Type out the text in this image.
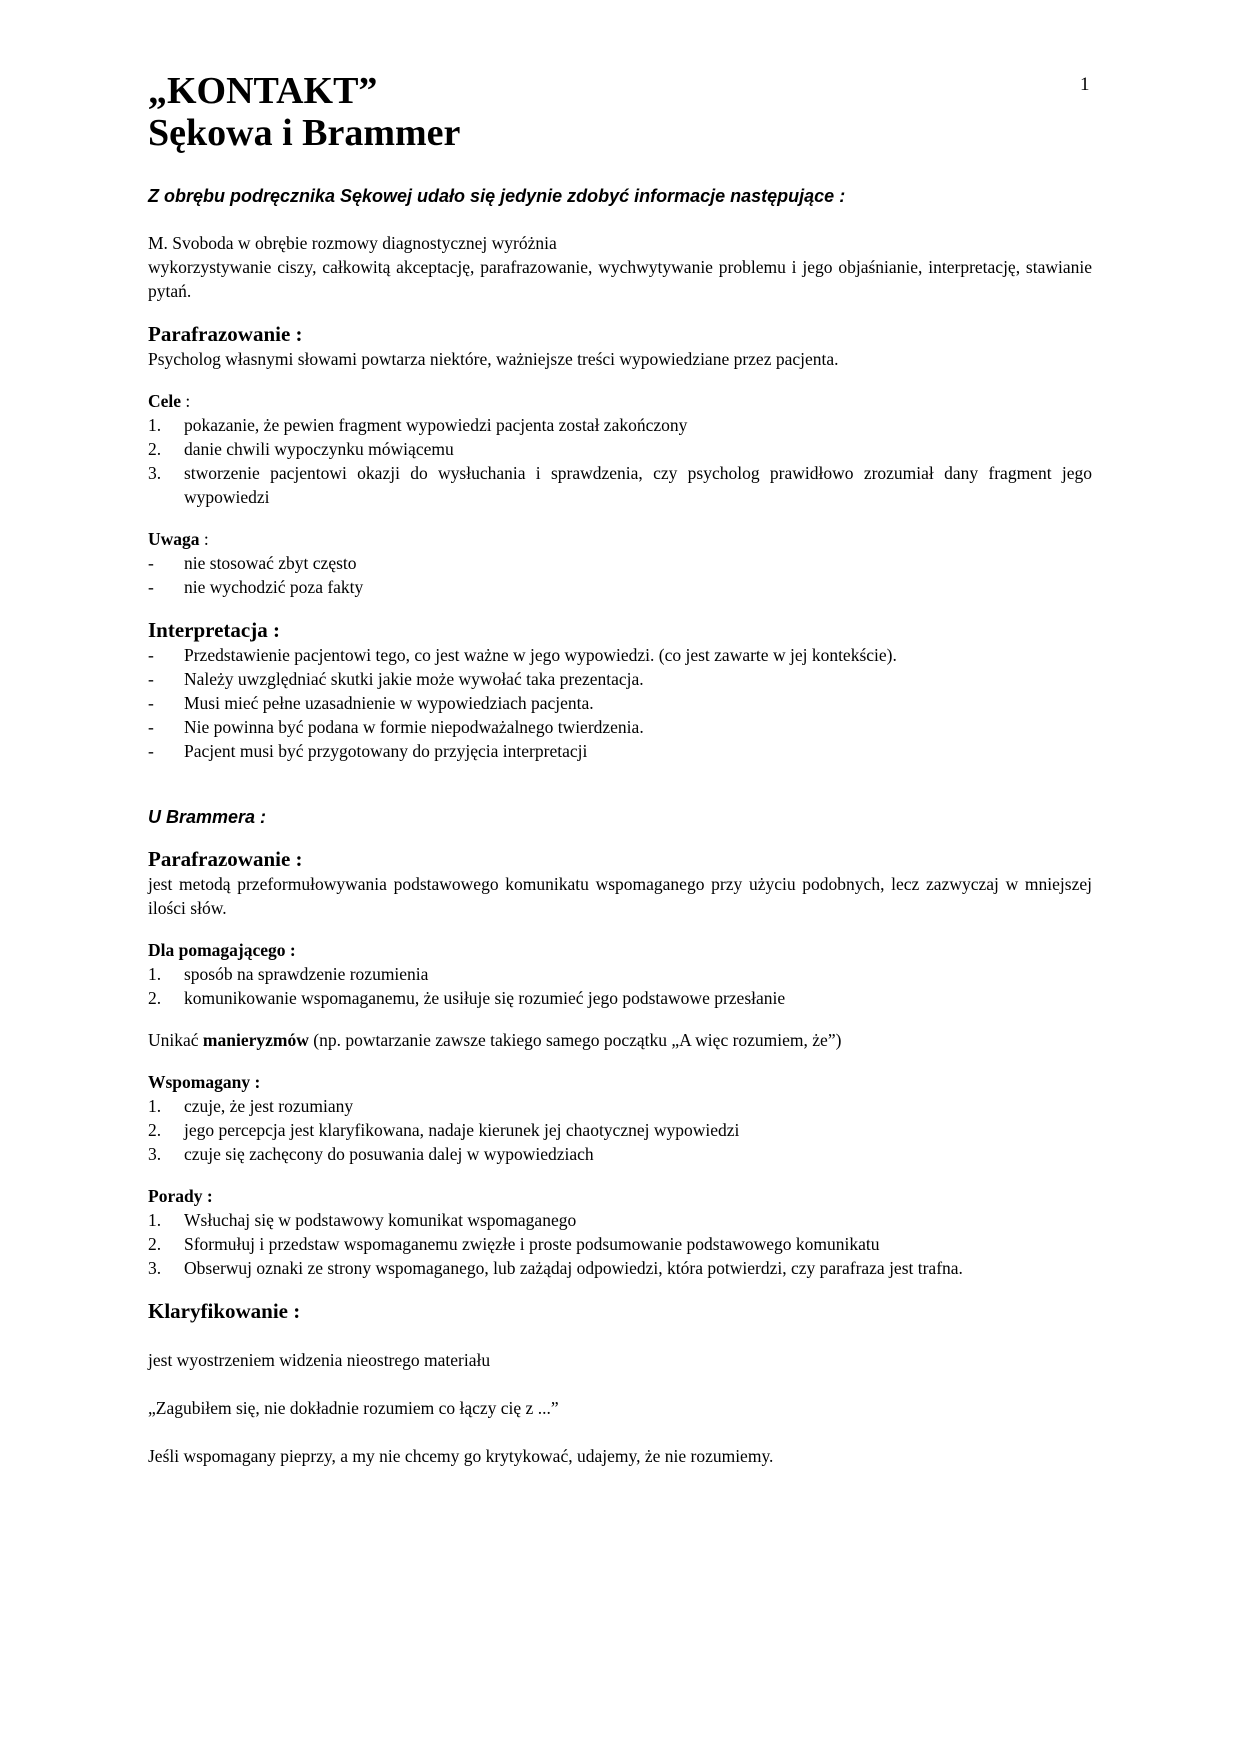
1
„KONTAKT”
Sękowa i Brammer
Z obrębu podręcznika Sękowej udało się jedynie zdobyć informacje następujące :
M. Svoboda w obrębie rozmowy diagnostycznej wyróżnia
wykorzystywanie ciszy, całkowitą akceptację, parafrazowanie, wychwytywanie problemu i jego objaśnianie, interpretację, stawianie pytań.
Parafrazowanie :
Psycholog własnymi słowami powtarza niektóre, ważniejsze treści wypowiedziane przez pacjenta.
Cele :
1. pokazanie, że pewien fragment wypowiedzi pacjenta został zakończony
2. danie chwili wypoczynku mówiącemu
3. stworzenie pacjentowi okazji do wysłuchania i sprawdzenia, czy psycholog prawidłowo zrozumiał dany fragment jego wypowiedzi
Uwaga :
- nie stosować zbyt często
- nie wychodzić poza fakty
Interpretacja :
- Przedstawienie pacjentowi tego, co jest ważne w jego wypowiedzi. (co jest zawarte w jej kontekście).
- Należy uwzględniać skutki jakie może wywołać taka prezentacja.
- Musi mieć pełne uzasadnienie w wypowiedziach pacjenta.
- Nie powinna być podana w formie niepodważalnego twierdzenia.
- Pacjent musi być przygotowany do przyjęcia interpretacji
U Brammera :
Parafrazowanie :
jest metodą przeformułowywania podstawowego komunikatu wspomaganego przy użyciu podobnych, lecz zazwyczaj w mniejszej ilości słów.
Dla pomagającego :
1. sposób na sprawdzenie rozumienia
2. komunikowanie wspomaganemu, że usiłuje się rozumieć jego podstawowe przesłanie
Unikać manieryzmów (np. powtarzanie zawsze takiego samego początku „A więc rozumiem, że”)
Wspomagany :
1. czuje, że jest rozumiany
2. jego percepcja jest klaryfikowana, nadaje kierunek jej chaotycznej wypowiedzi
3. czuje się zachęcony do posuwania dalej w wypowiedziach
Porady :
1. Wsłuchaj się w podstawowy komunikat wspomaganego
2. Sformułuj i przedstaw wspomaganemu zwięzłe i proste podsumowanie podstawowego komunikatu
3. Obserwuj oznaki ze strony wspomaganego, lub zażądaj odpowiedzi, która potwierdzi, czy parafraza jest trafna.
Klaryfikowanie :
jest wyostrzeniem widzenia nieostrego materiału
„Zagubiłem się, nie dokładnie rozumiem co łączy cię z ...”
Jeśli wspomagany pieprzy, a my nie chcemy go krytykować, udajemy, że nie rozumiemy.
